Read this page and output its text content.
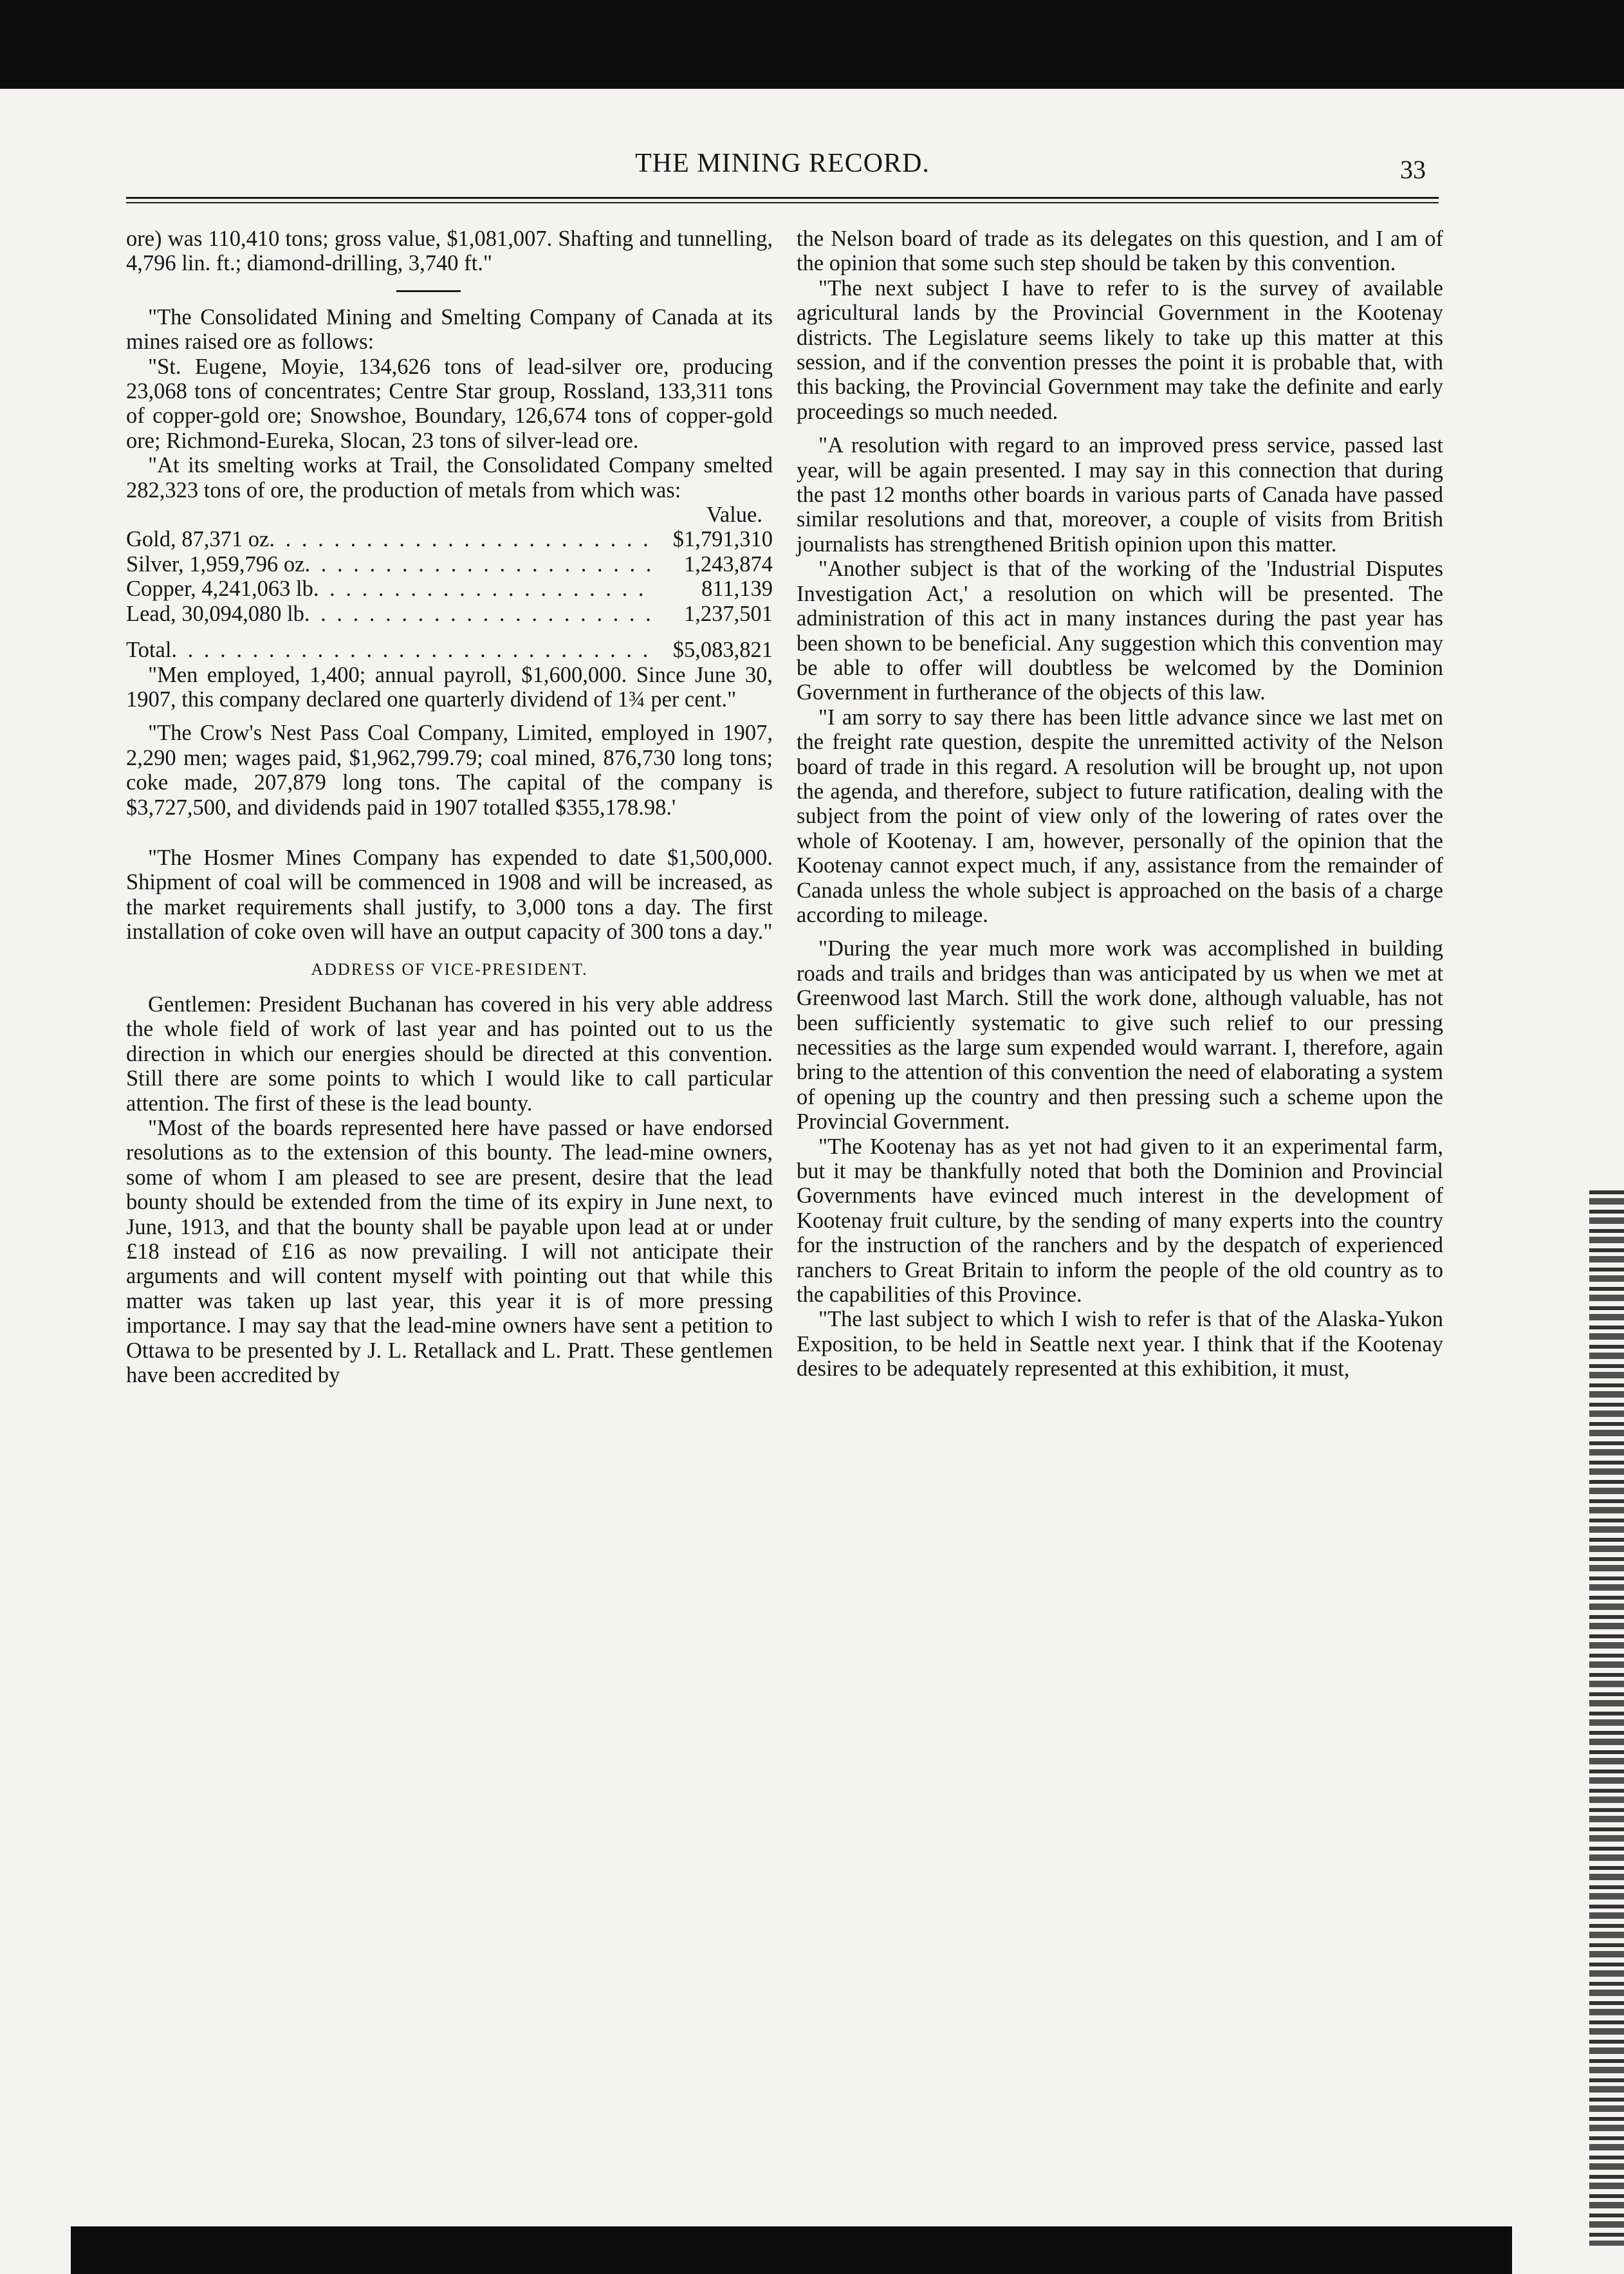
THE MINING RECORD.	33

ore) was 110,410 tons; gross value, $1,081,007. Shafting and tunnelling, 4,796 lin. ft.; diamond-drilling, 3,740 ft."

"The Consolidated Mining and Smelting Company of Canada at its mines raised ore as follows:

"St. Eugene, Moyie, 134,626 tons of lead-silver ore, producing 23,068 tons of concentrates; Centre Star group, Rossland, 133,311 tons of copper-gold ore; Snowshoe, Boundary, 126,674 tons of copper-gold ore; Richmond-Eureka, Slocan, 23 tons of silver-lead ore.

"At its smelting works at Trail, the Consolidated Company smelted 282,323 tons of ore, the production of metals from which was:

Value.
Gold, 87,371 oz . . .	$1,791,310
Silver, 1,959,796 oz . . .	1,243,874
Copper, 4,241,063 lb . . .	811,139
Lead, 30,094,080 lb . . .	1,237,501
Total . . .	$5,083,821

"Men employed, 1,400; annual payroll, $1,600,000. Since June 30, 1907, this company declared one quarterly dividend of 1¾ per cent."

"The Crow's Nest Pass Coal Company, Limited, employed in 1907, 2,290 men; wages paid, $1,962,799.79; coal mined, 876,730 long tons; coke made, 207,879 long tons. The capital of the company is $3,727,500, and dividends paid in 1907 totalled $355,178.98.'

"The Hosmer Mines Company has expended to date $1,500,000. Shipment of coal will be commenced in 1908 and will be increased, as the market requirements shall justify, to 3,000 tons a day. The first installation of coke oven will have an output capacity of 300 tons a day."

ADDRESS OF VICE-PRESIDENT.

Gentlemen: President Buchanan has covered in his very able address the whole field of work of last year and has pointed out to us the direction in which our energies should be directed at this convention. Still there are some points to which I would like to call particular attention. The first of these is the lead bounty.

"Most of the boards represented here have passed or have endorsed resolutions as to the extension of this bounty. The lead-mine owners, some of whom I am pleased to see are present, desire that the lead bounty should be extended from the time of its expiry in June next, to June, 1913, and that the bounty shall be payable upon lead at or under £18 instead of £16 as now prevailing. I will not anticipate their arguments and will content myself with pointing out that while this matter was taken up last year, this year it is of more pressing importance. I may say that the lead-mine owners have sent a petition to Ottawa to be presented by J. L. Retallack and L. Pratt. These gentlemen have been accredited by

the Nelson board of trade as its delegates on this question, and I am of the opinion that some such step should be taken by this convention.

"The next subject I have to refer to is the survey of available agricultural lands by the Provincial Government in the Kootenay districts. The Legislature seems likely to take up this matter at this session, and if the convention presses the point it is probable that, with this backing, the Provincial Government may take the definite and early proceedings so much needed.

"A resolution with regard to an improved press service, passed last year, will be again presented. I may say in this connection that during the past 12 months other boards in various parts of Canada have passed similar resolutions and that, moreover, a couple of visits from British journalists has strengthened British opinion upon this matter.

"Another subject is that of the working of the 'Industrial Disputes Investigation Act,' a resolution on which will be presented. The administration of this act in many instances during the past year has been shown to be beneficial. Any suggestion which this convention may be able to offer will doubtless be welcomed by the Dominion Government in furtherance of the objects of this law.

"I am sorry to say there has been little advance since we last met on the freight rate question, despite the unremitted activity of the Nelson board of trade in this regard. A resolution will be brought up, not upon the agenda, and therefore, subject to future ratification, dealing with the subject from the point of view only of the lowering of rates over the whole of Kootenay. I am, however, personally of the opinion that the Kootenay cannot expect much, if any, assistance from the remainder of Canada unless the whole subject is approached on the basis of a charge according to mileage.

"During the year much more work was accomplished in building roads and trails and bridges than was anticipated by us when we met at Greenwood last March. Still the work done, although valuable, has not been sufficiently systematic to give such relief to our pressing necessities as the large sum expended would warrant. I, therefore, again bring to the attention of this convention the need of elaborating a system of opening up the country and then pressing such a scheme upon the Provincial Government.

"The Kootenay has as yet not had given to it an experimental farm, but it may be thankfully noted that both the Dominion and Provincial Governments have evinced much interest in the development of Kootenay fruit culture, by the sending of many experts into the country for the instruction of the ranchers and by the despatch of experienced ranchers to Great Britain to inform the people of the old country as to the capabilities of this Province.

"The last subject to which I wish to refer is that of the Alaska-Yukon Exposition, to be held in Seattle next year. I think that if the Kootenay desires to be adequately represented at this exhibition, it must,
